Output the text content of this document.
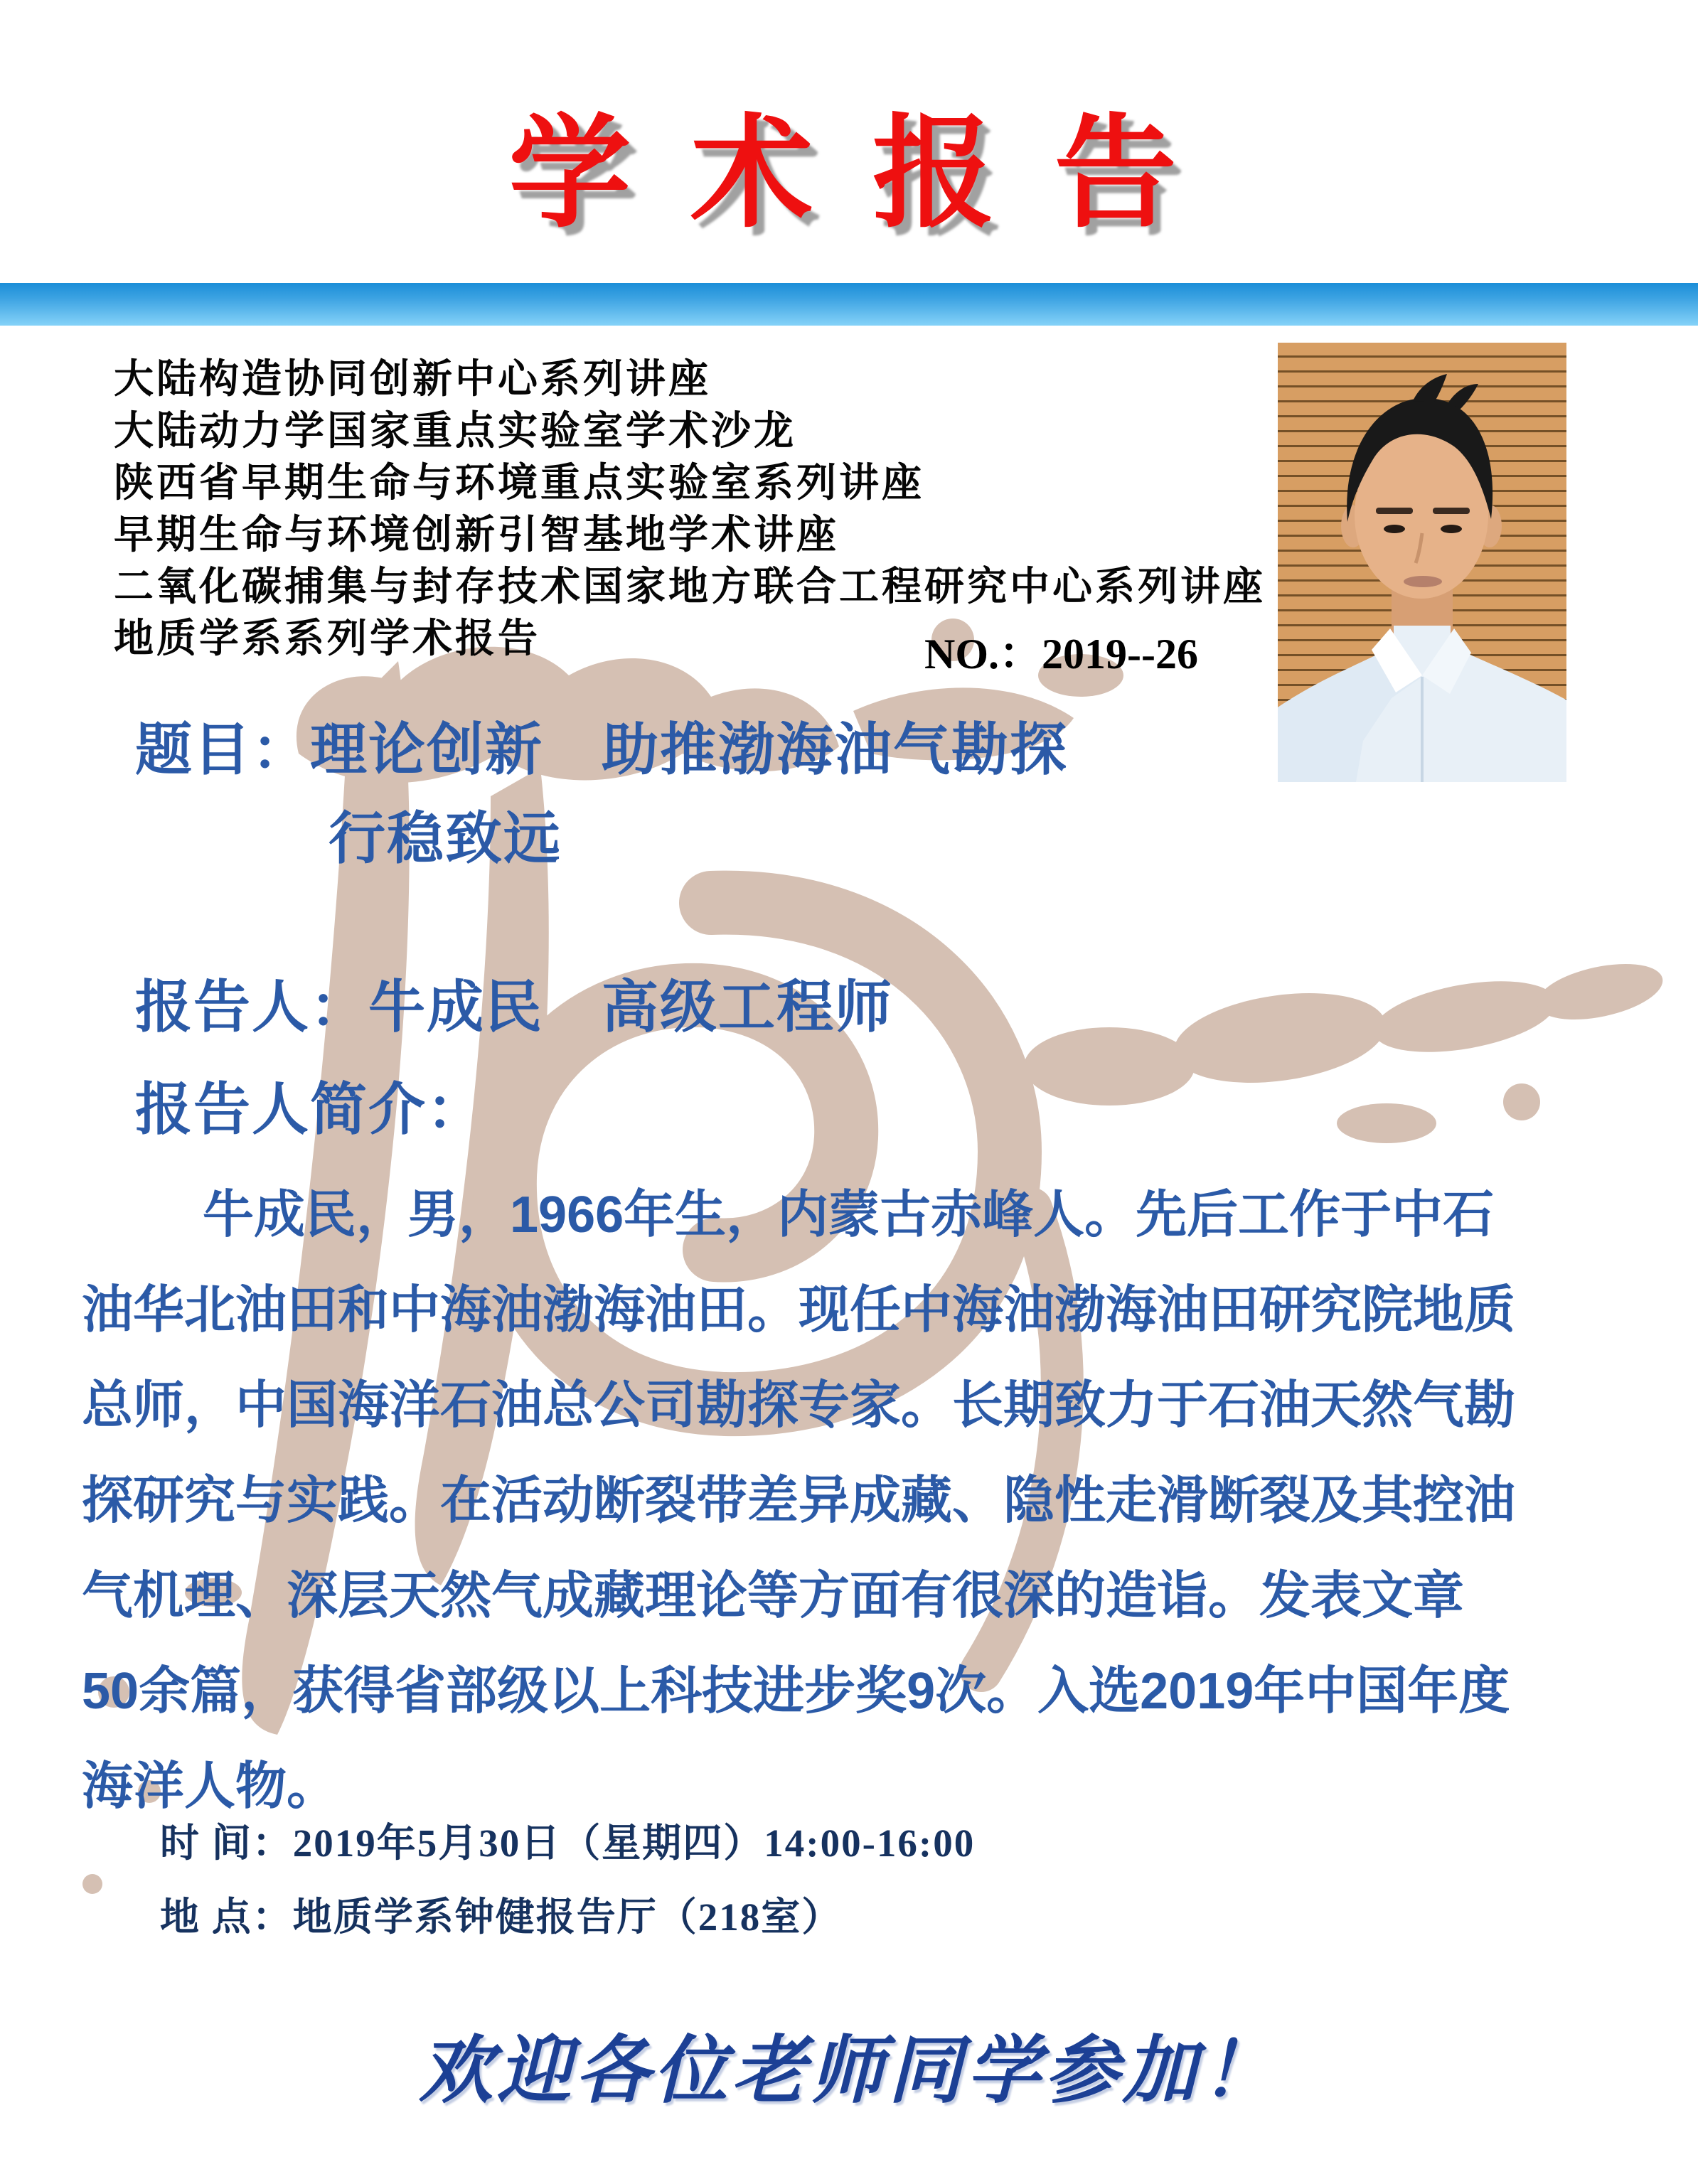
学 术 报 告
大陆构造协同创新中心系列讲座
大陆动力学国家重点实验室学术沙龙
陕西省早期生命与环境重点实验室系列讲座
早期生命与环境创新引智基地学术讲座
二氧化碳捕集与封存技术国家地方联合工程研究中心系列讲座
地质学系系列学术报告	NO.：2019--26
题目：理论创新　助推渤海油气勘探
行稳致远
报告人：牛成民　高级工程师
报告人简介：
牛成民，男，1966年生，内蒙古赤峰人。先后工作于中石
油华北油田和中海油渤海油田。现任中海油渤海油田研究院地质
总师，中国海洋石油总公司勘探专家。长期致力于石油天然气勘
探研究与实践。在活动断裂带差异成藏、隐性走滑断裂及其控油
气机理、深层天然气成藏理论等方面有很深的造诣。发表文章
50余篇，获得省部级以上科技进步奖9次。入选2019年中国年度
海洋人物。
时 间：2019年5月30日（星期四）14:00-16:00
地 点：地质学系钟健报告厅（218室）
欢迎各位老师同学参加！
